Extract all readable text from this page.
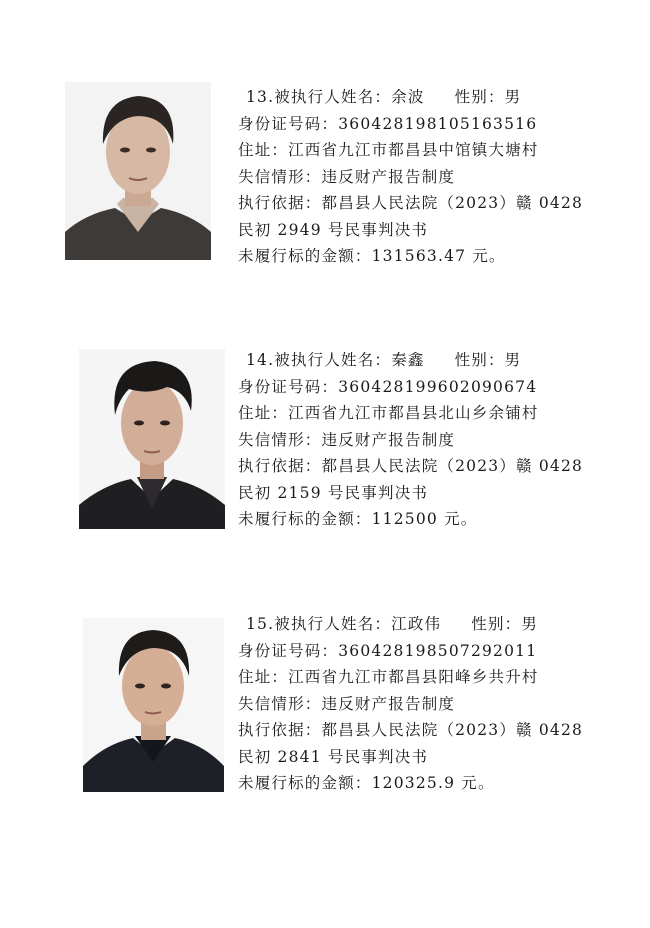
13.被执行人姓名：余波 性别：男
身份证号码：360428198105163516
住址：江西省九江市都昌县中馆镇大塘村
失信情形：违反财产报告制度
执行依据：都昌县人民法院（2023）赣 0428
民初 2949 号民事判决书
未履行标的金额：131563.47 元。
14.被执行人姓名：秦鑫 性别：男
身份证号码：360428199602090674
住址：江西省九江市都昌县北山乡余铺村
失信情形：违反财产报告制度
执行依据：都昌县人民法院（2023）赣 0428
民初 2159 号民事判决书
未履行标的金额：112500 元。
15.被执行人姓名：江政伟 性别：男
身份证号码：360428198507292011
住址：江西省九江市都昌县阳峰乡共升村
失信情形：违反财产报告制度
执行依据：都昌县人民法院（2023）赣 0428
民初 2841 号民事判决书
未履行标的金额：120325.9 元。
